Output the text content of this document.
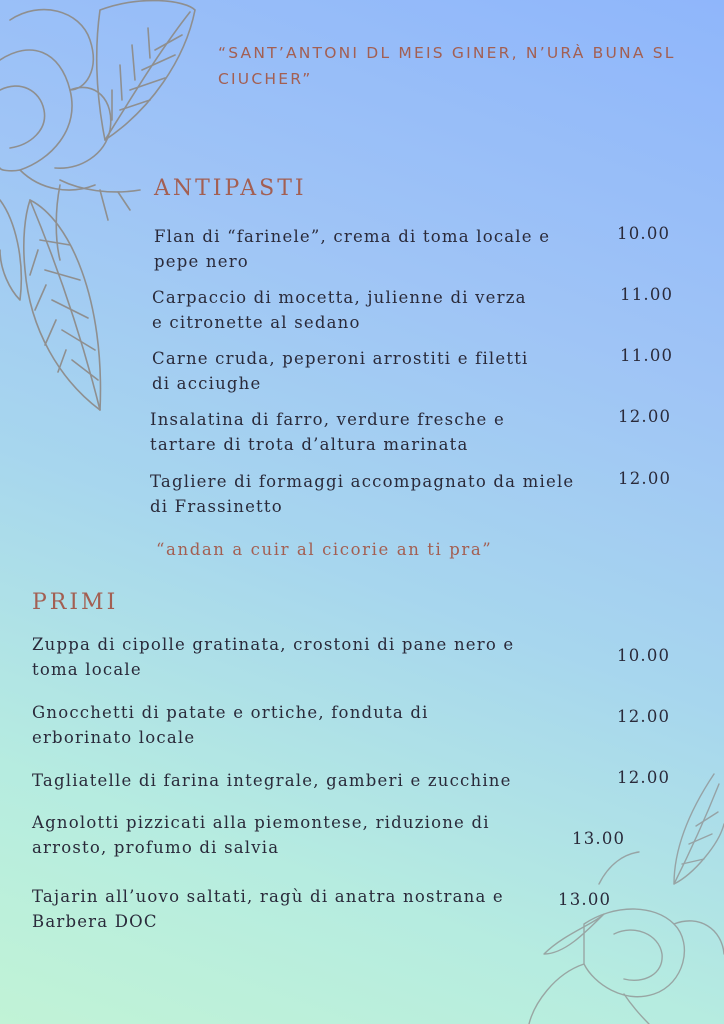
“SANT’ANTONI DL MEIS GINER, N’URÀ BUNA SL CIUCHER”
ANTIPASTI
Flan di “farinele”, crema di toma locale e pepe nero
10.00
Carpaccio di mocetta, julienne di verza e citronette al sedano
11.00
Carne cruda, peperoni arrostiti e filetti di acciughe
11.00
Insalatina di farro, verdure fresche e tartare di trota d’altura marinata
12.00
Tagliere di formaggi accompagnato da miele di Frassinetto
12.00
“andan a cuir al cicorie an ti pra”
PRIMI
Zuppa di cipolle gratinata, crostoni di pane nero e toma locale
10.00
Gnocchetti di patate e ortiche, fonduta di erborinato locale
12.00
Tagliatelle di farina integrale, gamberi e zucchine	12.00
Agnolotti pizzicati alla piemontese, riduzione di arrosto, profumo di salvia	13.00
Tajarin all’uovo saltati, ragù di anatra nostrana e Barbera DOC
13.00
